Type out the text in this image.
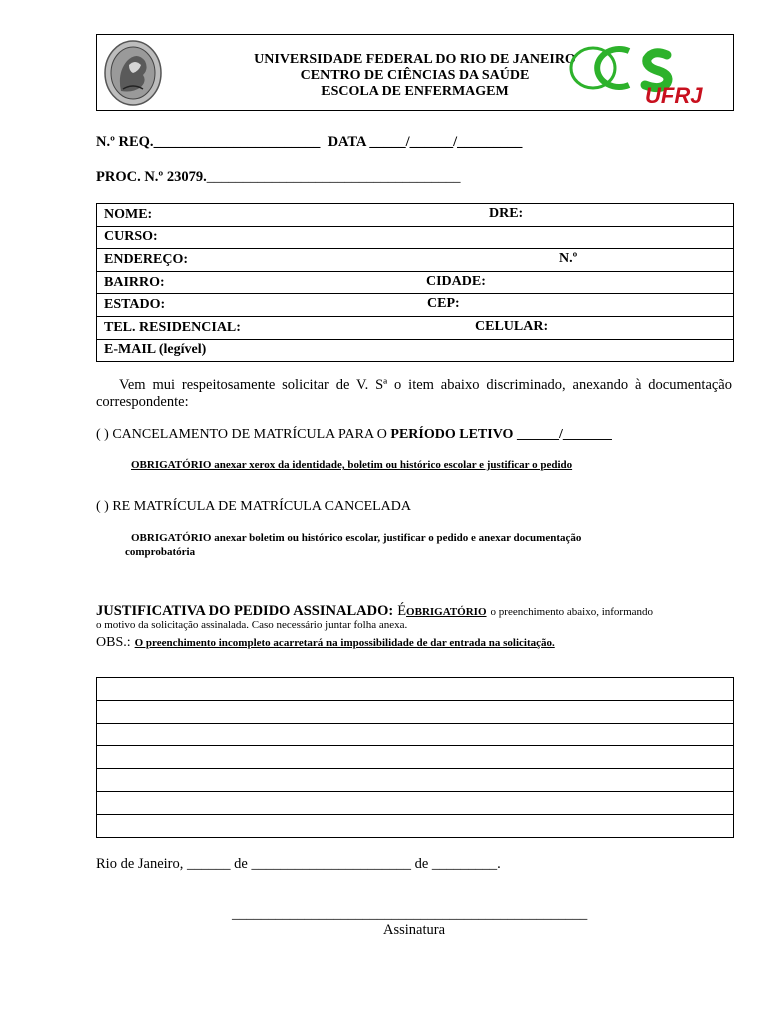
UNIVERSIDADE FEDERAL DO RIO DE JANEIRO
CENTRO DE CIÊNCIAS DA SAÚDE
ESCOLA DE ENFERMAGEM	UFRJ
N.º REQ._______________________ DATA _____/______/_________
PROC. N.º 23079.___________________________________
NOME:	DRE:

CURSO:
ENDEREÇO:	N.º

BAIRRO:	CIDADE:

ESTADO:	CEP:

TEL. RESIDENCIAL:	CELULAR:

E-MAIL (legível)
Vem mui respeitosamente solicitar de V. Sª o item abaixo discriminado, anexando à documentação correspondente:
( ) CANCELAMENTO DE MATRÍCULA PARA O PERÍODO LETIVO ______/_______
OBRIGATÓRIO anexar xerox da identidade, boletim ou histórico escolar e justificar o pedido
( ) RE MATRÍCULA DE MATRÍCULA CANCELADA
OBRIGATÓRIO anexar boletim ou histórico escolar, justificar o pedido e anexar documentação
comprobatória
JUSTIFICATIVA DO PEDIDO ASSINALADO: ÉOBRIGATÓRIO o preenchimento abaixo, informando
o motivo da solicitação assinalada. Caso necessário juntar folha anexa.
OBS.: O preenchimento incompleto acarretará na impossibilidade de dar entrada na solicitação.

Rio de Janeiro, ______ de ______________________ de _________.
_________________________________________________
Assinatura
